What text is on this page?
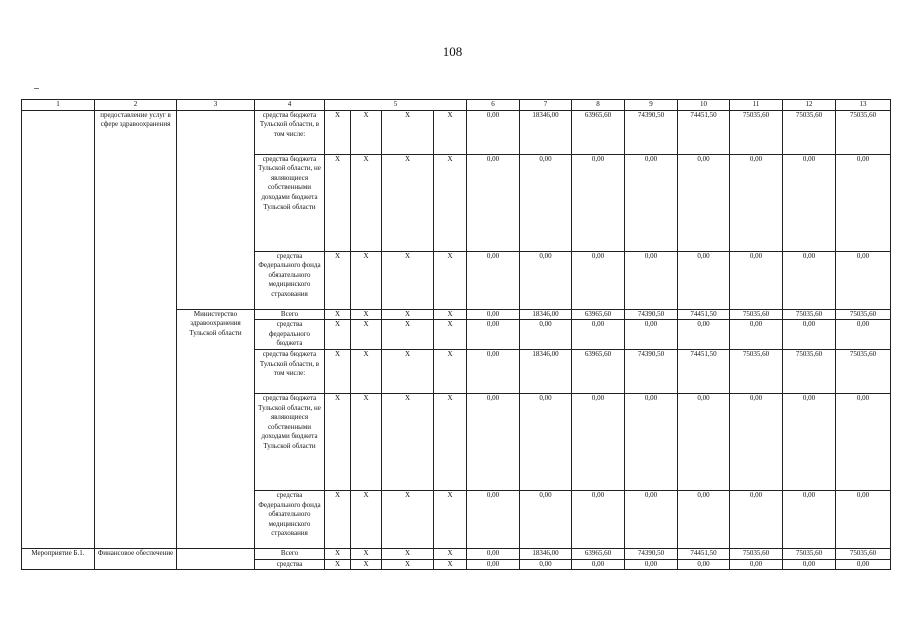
108
1	2	3	4	5				6	7	8	9	10	11	12	13
	предоставление услуг в сфере здравоохранения		средства бюджета Тульской области, в том числе:	X	X	X	X	0,00	18346,00	63965,60	74390,50	74451,50	75035,60	75035,60	75035,60
			средства бюджета Тульской области, не являющиеся собственными доходами бюджета Тульской области	X	X	X	X	0,00	0,00	0,00	0,00	0,00	0,00	0,00	0,00
			средства Федерального фонда обязательного медицинского страхования	X	X	X	X	0,00	0,00	0,00	0,00	0,00	0,00	0,00	0,00
		Министерство здравоохранения Тульской области	Всего	X	X	X	X	0,00	18346,00	63965,60	74390,50	74451,50	75035,60	75035,60	75035,60
			средства федерального бюджета	X	X	X	X	0,00	0,00	0,00	0,00	0,00	0,00	0,00	0,00
			средства бюджета Тульской области, в том числе:	X	X	X	X	0,00	18346,00	63965,60	74390,50	74451,50	75035,60	75035,60	75035,60
			средства бюджета Тульской области, не являющиеся собственными доходами бюджета Тульской области	X	X	X	X	0,00	0,00	0,00	0,00	0,00	0,00	0,00	0,00
			средства Федерального фонда обязательного медицинского страхования	X	X	X	X	0,00	0,00	0,00	0,00	0,00	0,00	0,00	0,00
Мероприятие Б.1.	Финансовое обеспечение		Всего	X	X	X	X	0,00	18346,00	63965,60	74390,50	74451,50	75035,60	75035,60	75035,60
			средства	X	X	X	X	0,00	0,00	0,00	0,00	0,00	0,00	0,00	0,00
